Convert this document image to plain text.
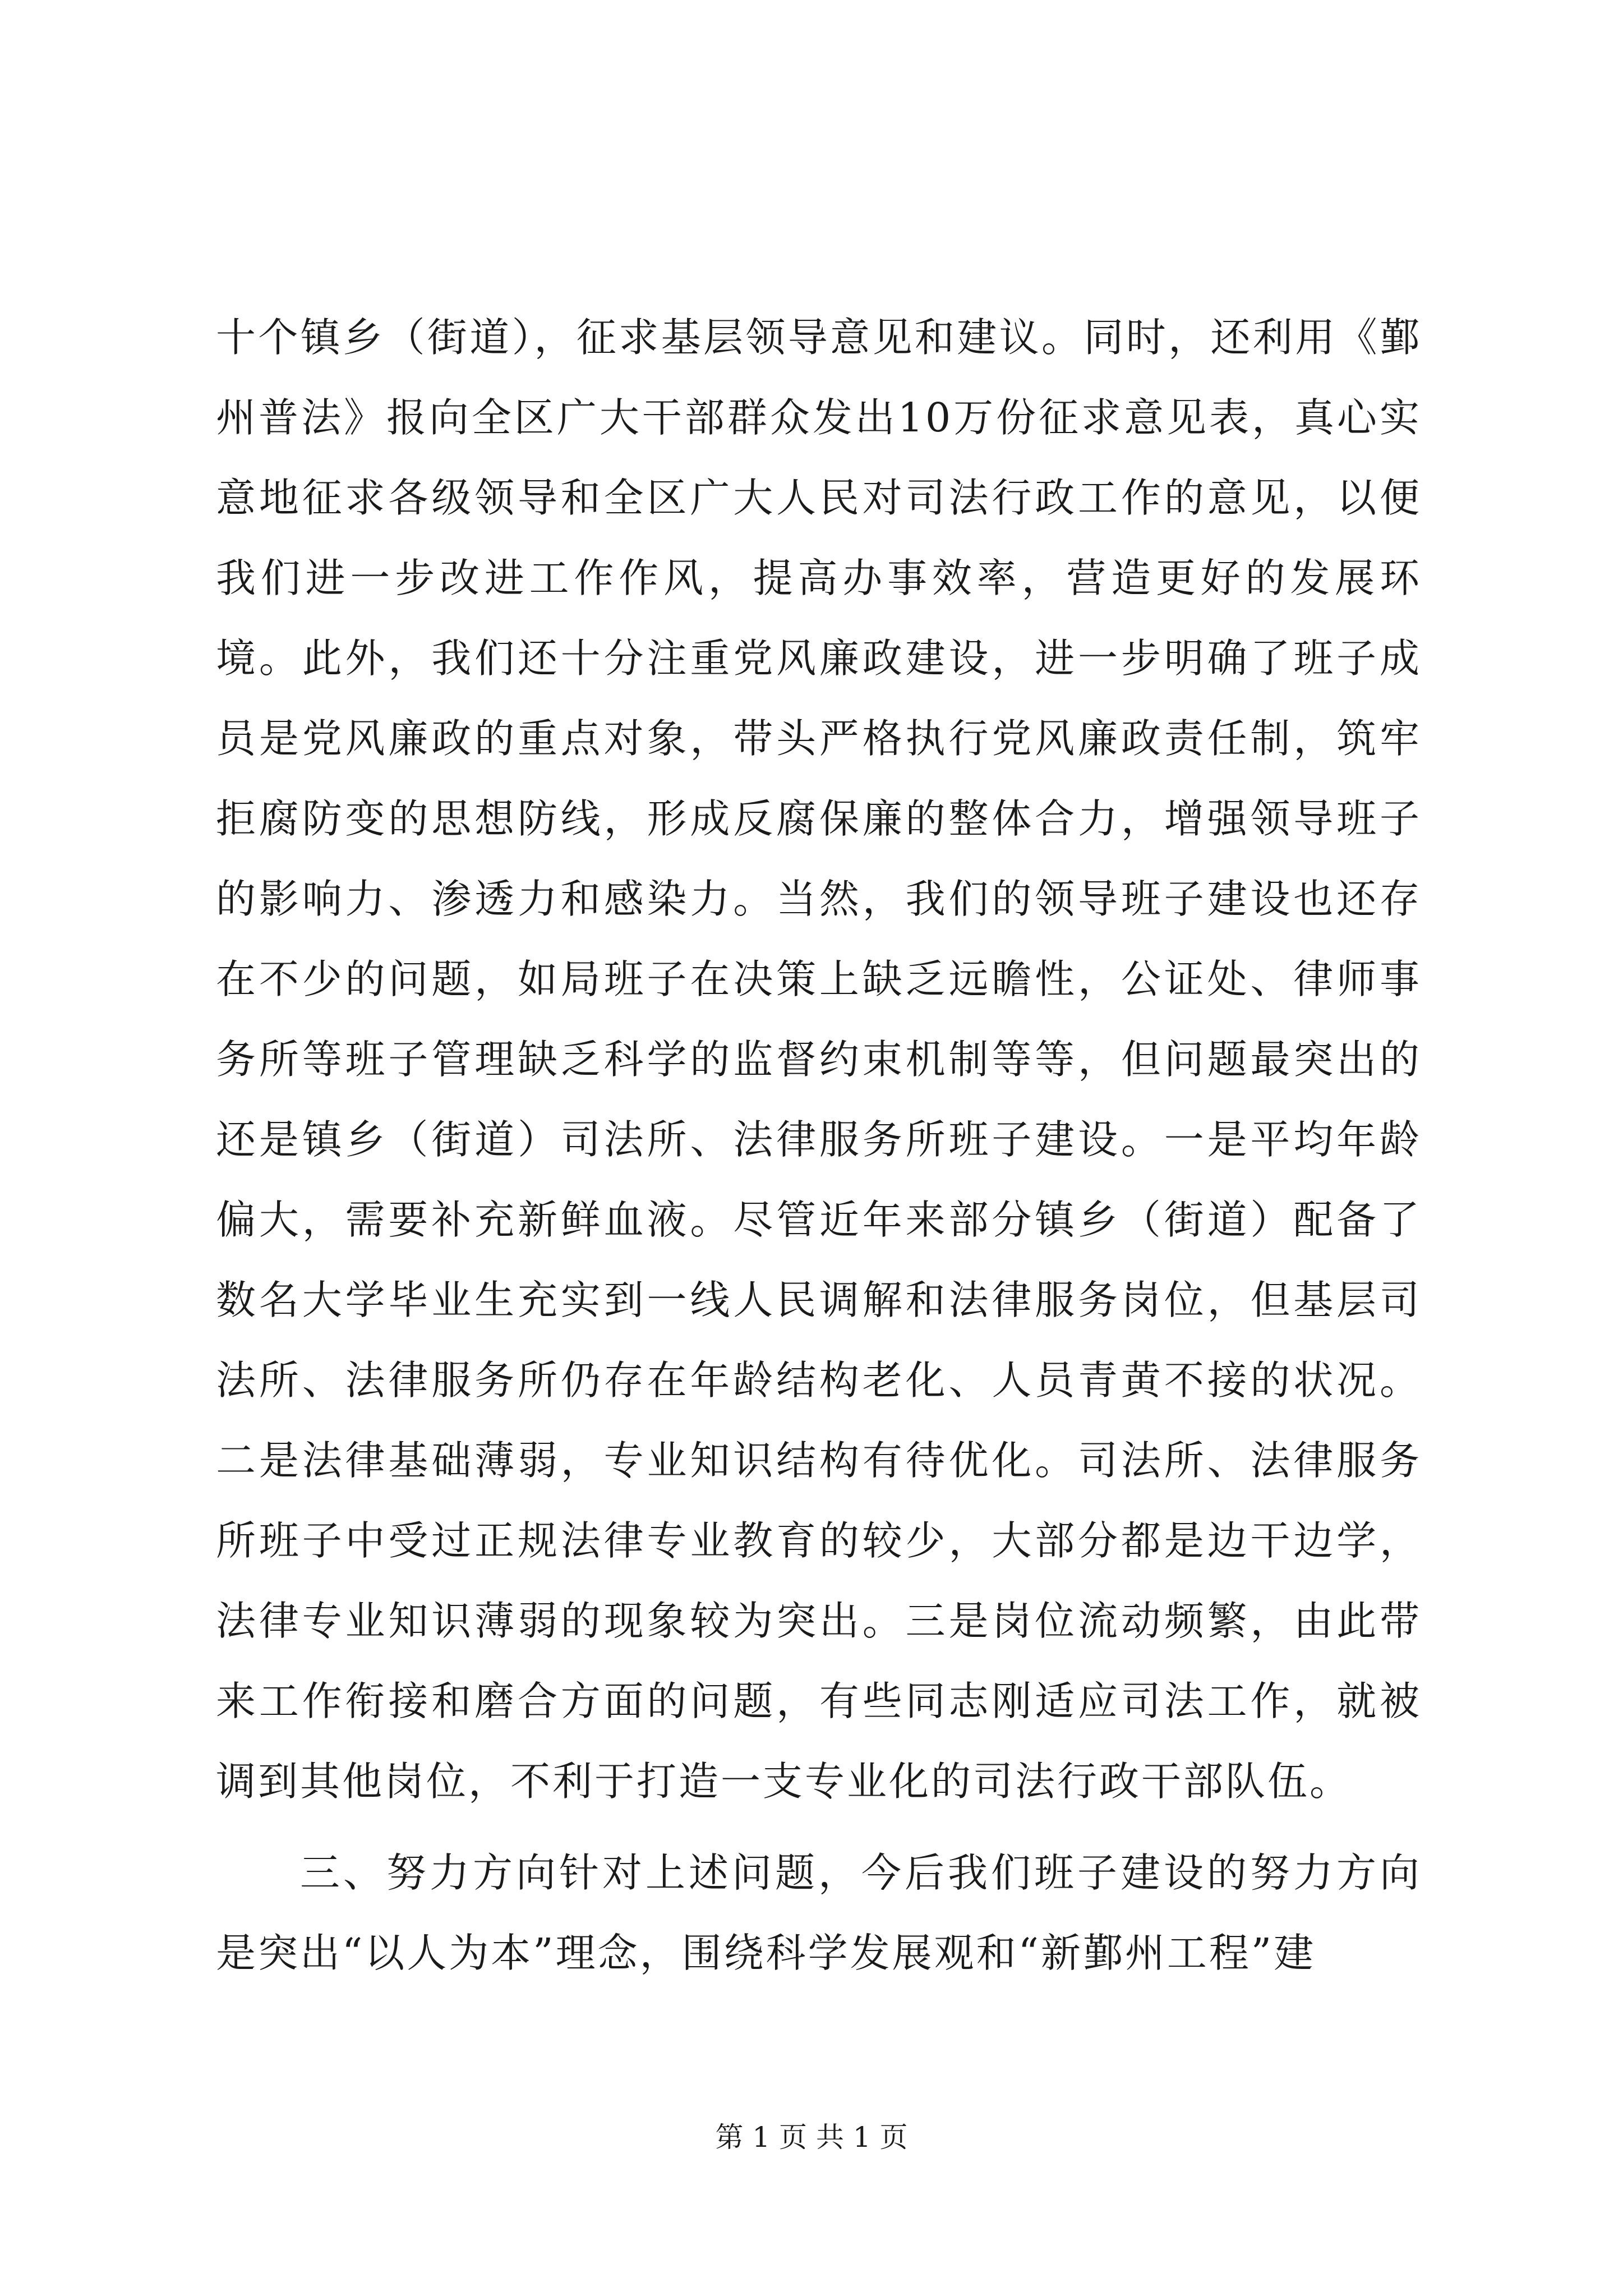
十个镇乡（街道），征求基层领导意见和建议。同时，还利用《鄞州普法》报向全区广大干部群众发出10万份征求意见表，真心实意地征求各级领导和全区广大人民对司法行政工作的意见，以便我们进一步改进工作作风，提高办事效率，营造更好的发展环境。此外，我们还十分注重党风廉政建设，进一步明确了班子成员是党风廉政的重点对象，带头严格执行党风廉政责任制，筑牢拒腐防变的思想防线，形成反腐保廉的整体合力，增强领导班子的影响力、渗透力和感染力。当然，我们的领导班子建设也还存在不少的问题，如局班子在决策上缺乏远瞻性，公证处、律师事务所等班子管理缺乏科学的监督约束机制等等，但问题最突出的还是镇乡（街道）司法所、法律服务所班子建设。一是平均年龄偏大，需要补充新鲜血液。尽管近年来部分镇乡（街道）配备了数名大学毕业生充实到一线人民调解和法律服务岗位，但基层司法所、法律服务所仍存在年龄结构老化、人员青黄不接的状况。二是法律基础薄弱，专业知识结构有待优化。司法所、法律服务所班子中受过正规法律专业教育的较少，大部分都是边干边学，法律专业知识薄弱的现象较为突出。三是岗位流动频繁，由此带来工作衔接和磨合方面的问题，有些同志刚适应司法工作，就被调到其他岗位，不利于打造一支专业化的司法行政干部队伍。

三、努力方向针对上述问题，今后我们班子建设的努力方向是突出“以人为本”理念，围绕科学发展观和“新鄞州工程”建

第 1 页 共 1 页
